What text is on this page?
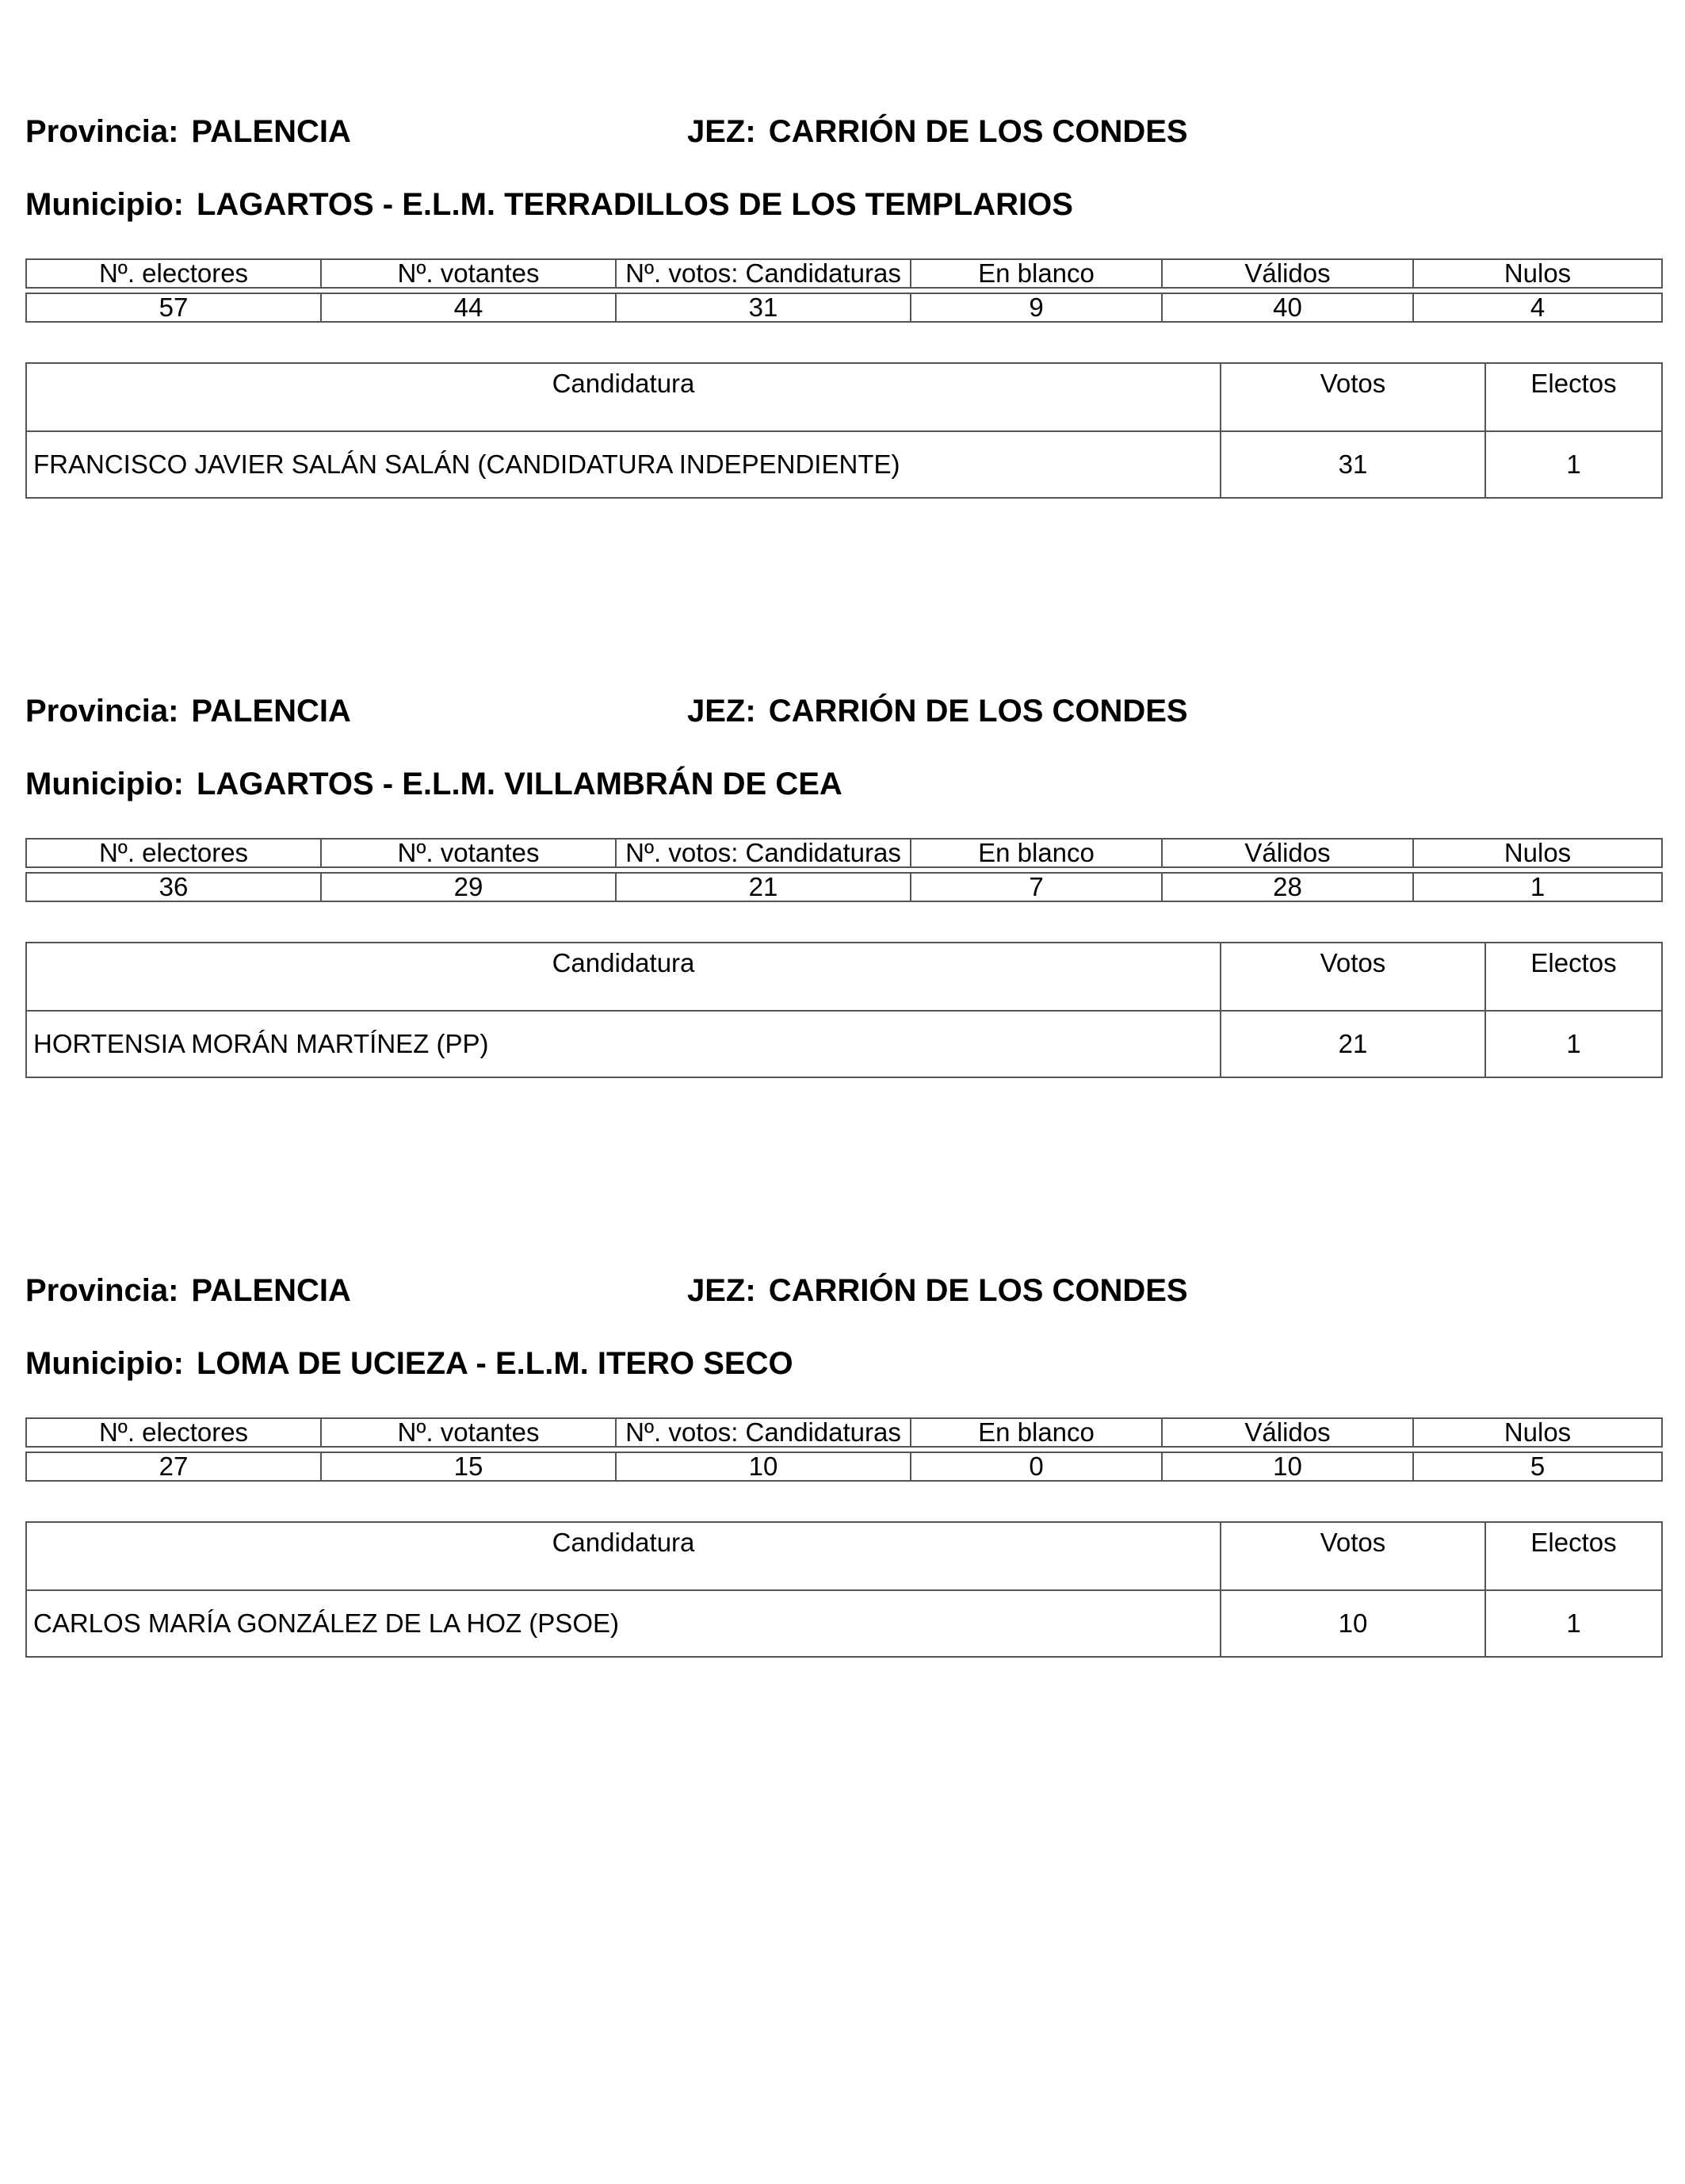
Provincia: PALENCIA	JEZ: CARRIÓN DE LOS CONDES
Municipio: LAGARTOS - E.L.M. TERRADILLOS DE LOS TEMPLARIOS
Nº. electores	Nº. votantes	Nº. votos: Candidaturas	En blanco	Válidos	Nulos

57	44	31	9	40	4
Candidatura	Votos	Electos
FRANCISCO JAVIER SALÁN SALÁN (CANDIDATURA INDEPENDIENTE)	31	1
Provincia: PALENCIA	JEZ: CARRIÓN DE LOS CONDES
Municipio: LAGARTOS - E.L.M. VILLAMBRÁN DE CEA
Nº. electores	Nº. votantes	Nº. votos: Candidaturas	En blanco	Válidos	Nulos

36	29	21	7	28	1
Candidatura	Votos	Electos
HORTENSIA MORÁN MARTÍNEZ (PP)	21	1
Provincia: PALENCIA	JEZ: CARRIÓN DE LOS CONDES
Municipio: LOMA DE UCIEZA - E.L.M. ITERO SECO
Nº. electores	Nº. votantes	Nº. votos: Candidaturas	En blanco	Válidos	Nulos

27	15	10	0	10	5
Candidatura	Votos	Electos
CARLOS MARÍA GONZÁLEZ DE LA HOZ (PSOE)	10	1
